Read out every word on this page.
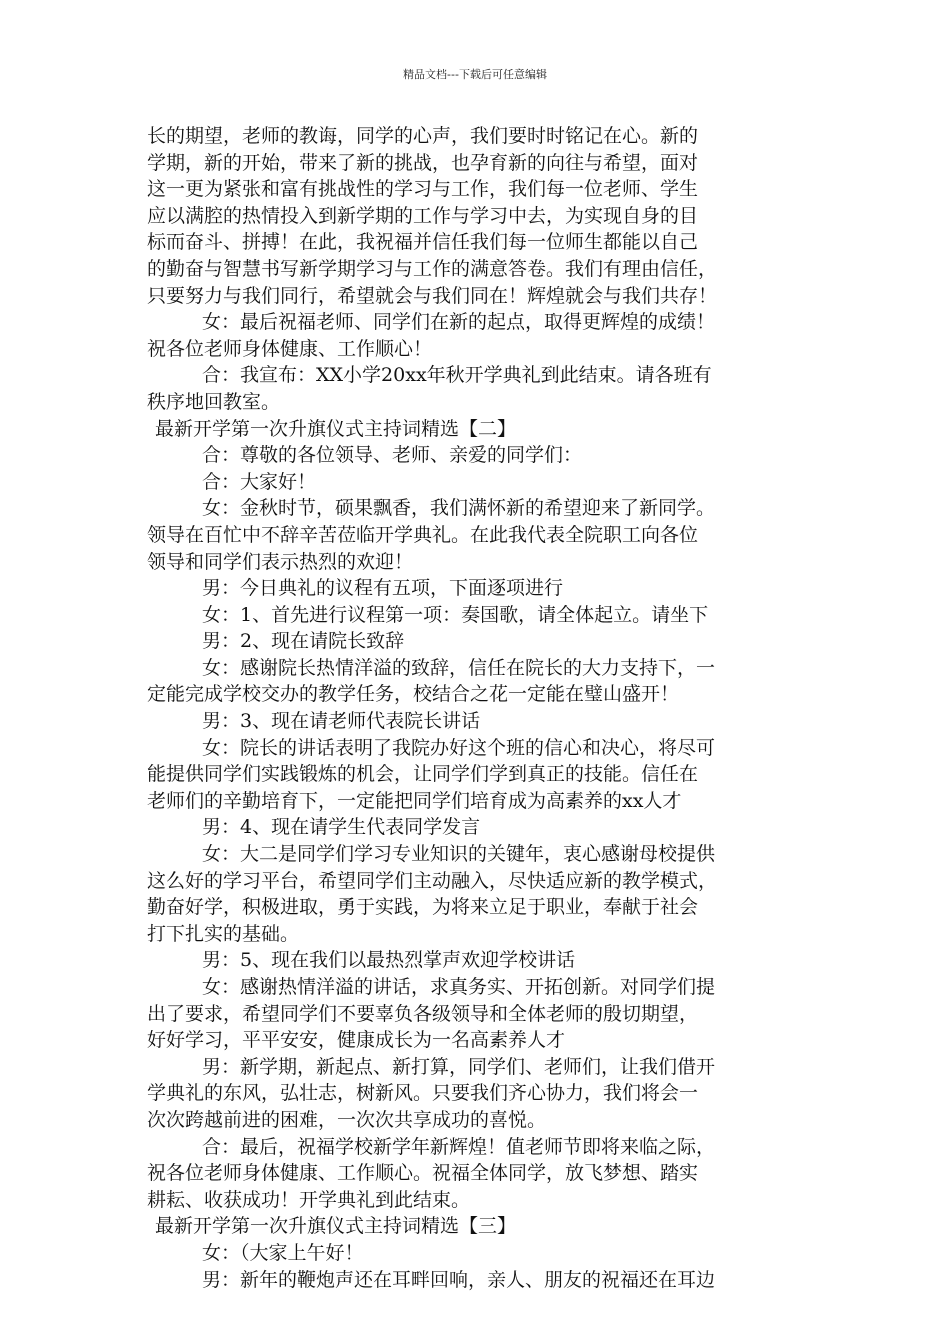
精品文档---下载后可任意编辑

长的期望，老师的教诲，同学的心声，我们要时时铭记在心。新的

学期，新的开始，带来了新的挑战，也孕育新的向往与希望，面对

这一更为紧张和富有挑战性的学习与工作，我们每一位老师、学生

应以满腔的热情投入到新学期的工作与学习中去，为实现自身的目

标而奋斗、拼搏！在此，我祝福并信任我们每一位师生都能以自己

的勤奋与智慧书写新学期学习与工作的满意答卷。我们有理由信任，

只要努力与我们同行，希望就会与我们同在！辉煌就会与我们共存！

女：最后祝福老师、同学们在新的起点，取得更辉煌的成绩！

祝各位老师身体健康、工作顺心！

合：我宣布：XX小学20xx年秋开学典礼到此结束。请各班有

秩序地回教室。

最新开学第一次升旗仪式主持词精选【二】

合：尊敬的各位领导、老师、亲爱的同学们：

合：大家好！

女：金秋时节，硕果飘香，我们满怀新的希望迎来了新同学。

领导在百忙中不辞辛苦莅临开学典礼。在此我代表全院职工向各位

领导和同学们表示热烈的欢迎！

男：今日典礼的议程有五项，下面逐项进行

女：1、首先进行议程第一项：奏国歌，请全体起立。请坐下

男：2、现在请院长致辞

女：感谢院长热情洋溢的致辞，信任在院长的大力支持下，一

定能完成学校交办的教学任务，校结合之花一定能在璧山盛开！

男：3、现在请老师代表院长讲话

女：院长的讲话表明了我院办好这个班的信心和决心，将尽可

能提供同学们实践锻炼的机会，让同学们学到真正的技能。信任在

老师们的辛勤培育下，一定能把同学们培育成为高素养的xx人才

男：4、现在请学生代表同学发言

女：大二是同学们学习专业知识的关键年，衷心感谢母校提供

这么好的学习平台，希望同学们主动融入，尽快适应新的教学模式，

勤奋好学，积极进取，勇于实践，为将来立足于职业，奉献于社会

打下扎实的基础。

男：5、现在我们以最热烈掌声欢迎学校讲话

女：感谢热情洋溢的讲话，求真务实、开拓创新。对同学们提

出了要求，希望同学们不要辜负各级领导和全体老师的殷切期望，

好好学习，平平安安，健康成长为一名高素养人才

男：新学期，新起点、新打算，同学们、老师们，让我们借开

学典礼的东风，弘壮志，树新风。只要我们齐心协力，我们将会一

次次跨越前进的困难，一次次共享成功的喜悦。

合：最后，祝福学校新学年新辉煌！值老师节即将来临之际，

祝各位老师身体健康、工作顺心。祝福全体同学，放飞梦想、踏实

耕耘、收获成功！开学典礼到此结束。

最新开学第一次升旗仪式主持词精选【三】

女：（大家上午好！

男：新年的鞭炮声还在耳畔回响，亲人、朋友的祝福还在耳边
